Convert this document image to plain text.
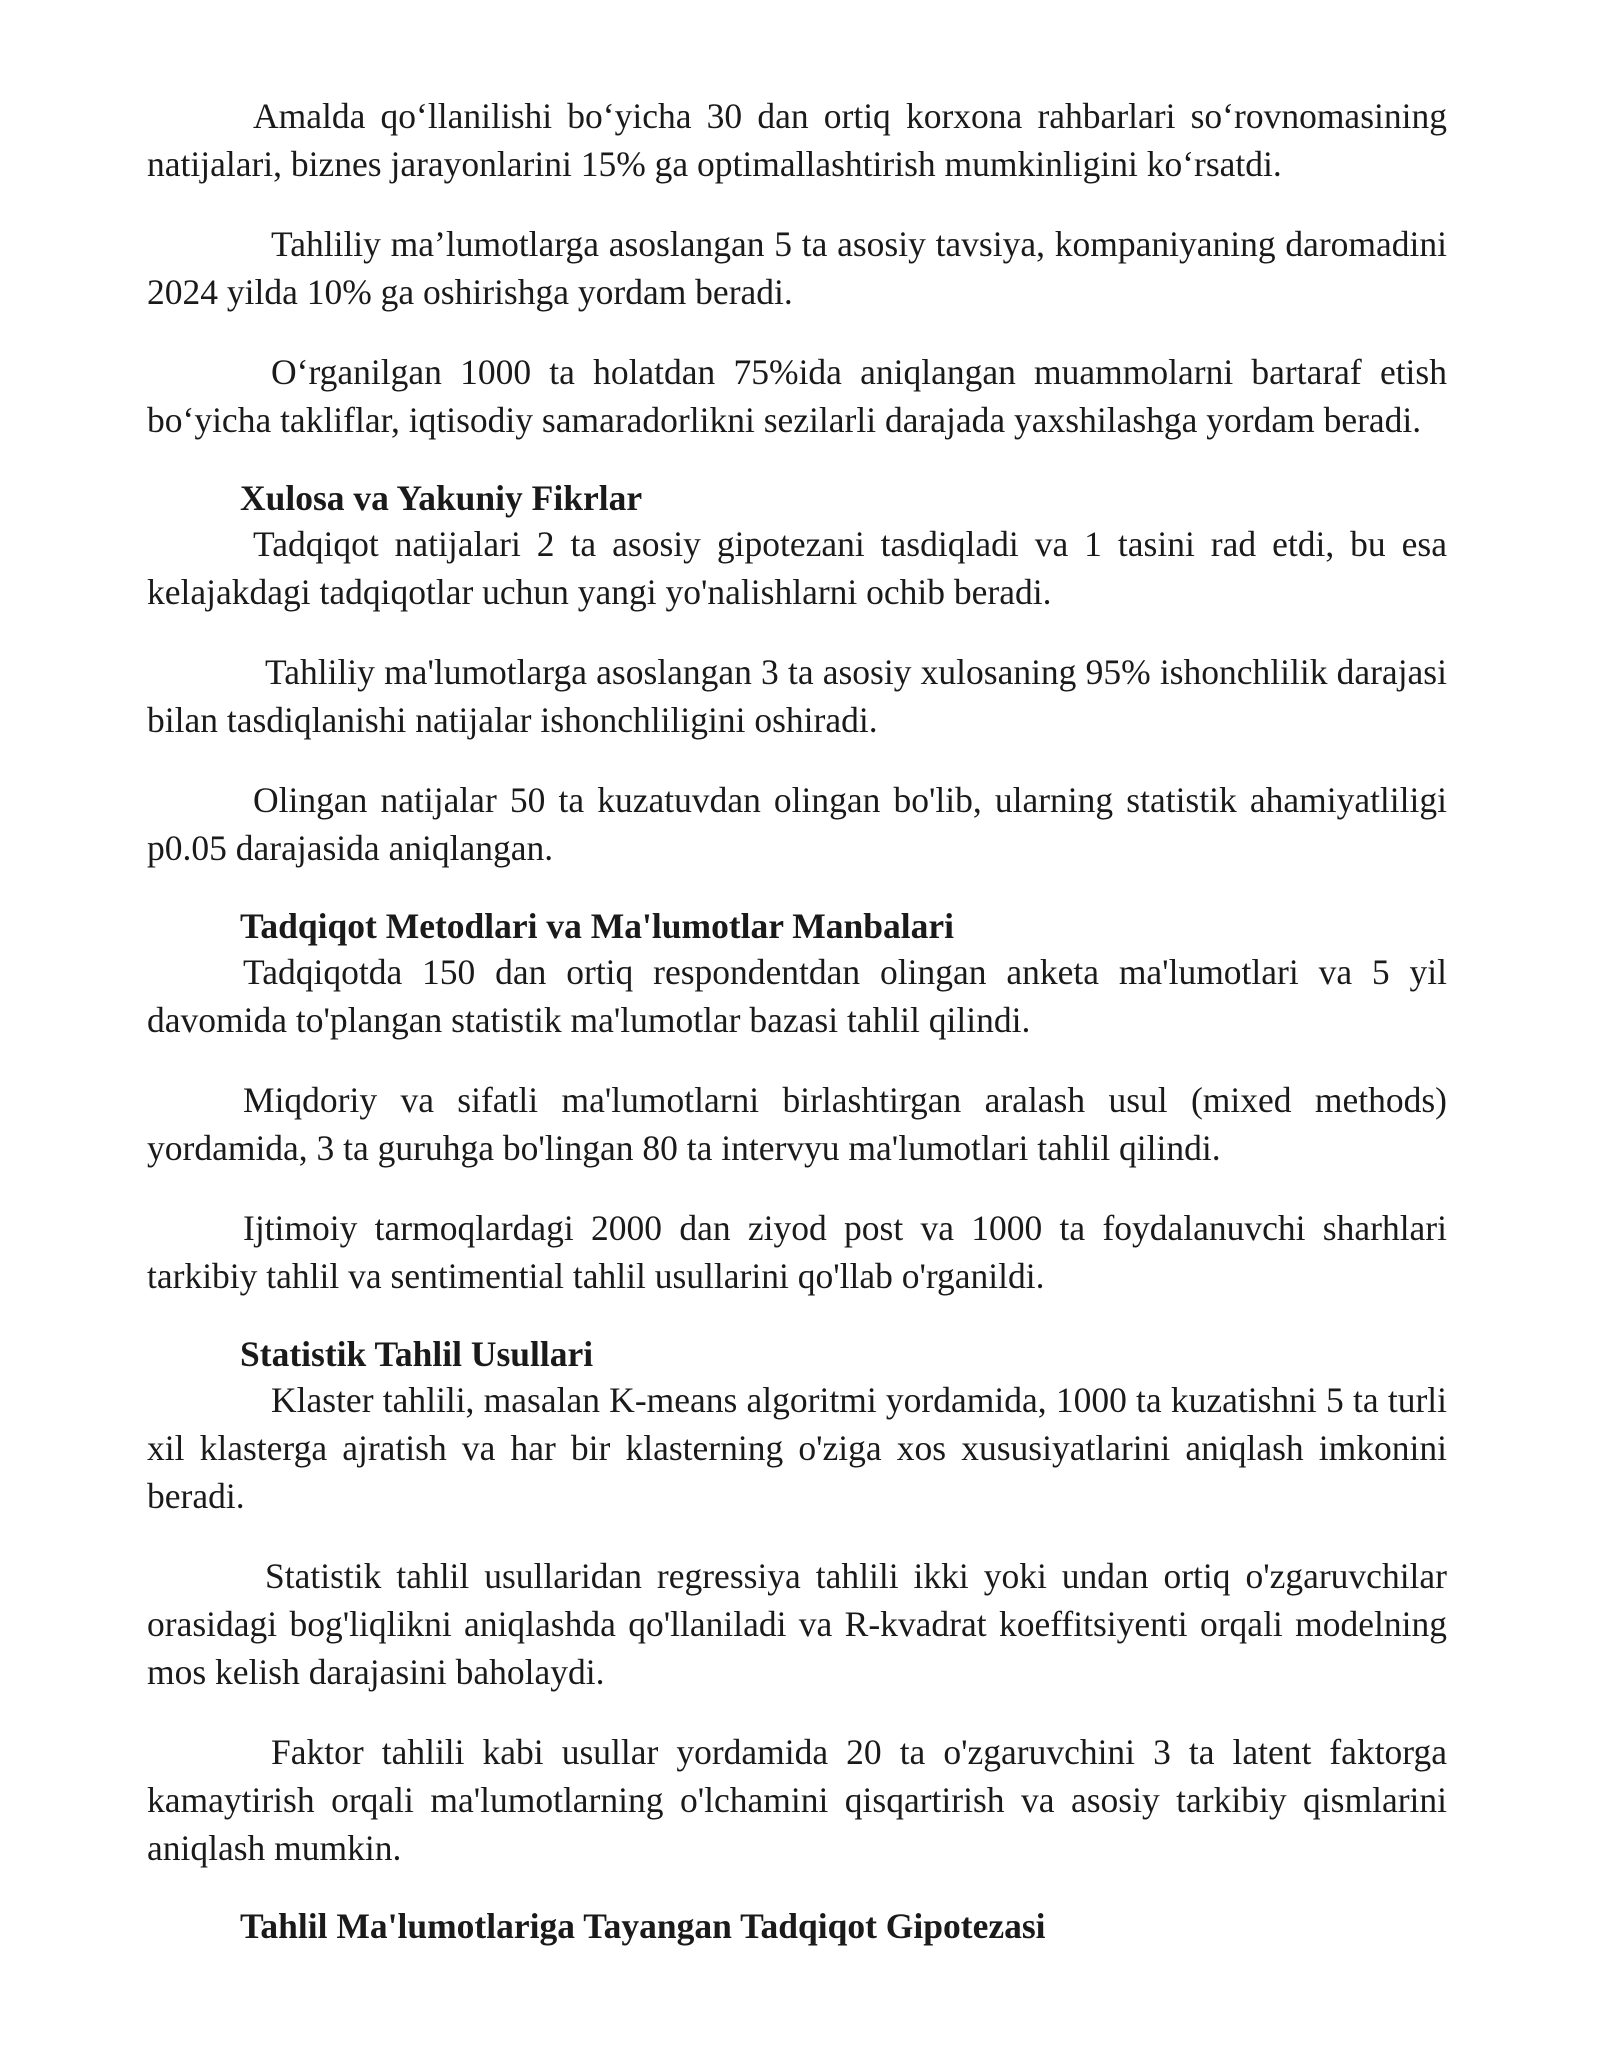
Amalda qo‘llanilishi bo‘yicha 30 dan ortiq korxona rahbarlari so‘rovnomasining natijalari, biznes jarayonlarini 15% ga optimallashtirish mumkinligini ko‘rsatdi.

Tahliliy ma’lumotlarga asoslangan 5 ta asosiy tavsiya, kompaniyaning daromadini 2024 yilda 10% ga oshirishga yordam beradi.

O‘rganilgan 1000 ta holatdan 75%ida aniqlangan muammolarni bartaraf etish bo‘yicha takliflar, iqtisodiy samaradorlikni sezilarli darajada yaxshilashga yordam beradi.

Xulosa va Yakuniy Fikrlar

Tadqiqot natijalari 2 ta asosiy gipotezani tasdiqladi va 1 tasini rad etdi, bu esa kelajakdagi tadqiqotlar uchun yangi yo'nalishlarni ochib beradi.

Tahliliy ma'lumotlarga asoslangan 3 ta asosiy xulosaning 95% ishonchlilik darajasi bilan tasdiqlanishi natijalar ishonchliligini oshiradi.

Olingan natijalar 50 ta kuzatuvdan olingan bo'lib, ularning statistik ahamiyatliligi p0.05 darajasida aniqlangan.

Tadqiqot Metodlari va Ma'lumotlar Manbalari

Tadqiqotda 150 dan ortiq respondentdan olingan anketa ma'lumotlari va 5 yil davomida to'plangan statistik ma'lumotlar bazasi tahlil qilindi.

Miqdoriy va sifatli ma'lumotlarni birlashtirgan aralash usul (mixed methods) yordamida, 3 ta guruhga bo'lingan 80 ta intervyu ma'lumotlari tahlil qilindi.

Ijtimoiy tarmoqlardagi 2000 dan ziyod post va 1000 ta foydalanuvchi sharhlari tarkibiy tahlil va sentimential tahlil usullarini qo'llab o'rganildi.

Statistik Tahlil Usullari

Klaster tahlili, masalan K-means algoritmi yordamida, 1000 ta kuzatishni 5 ta turli xil klasterga ajratish va har bir klasterning o'ziga xos xususiyatlarini aniqlash imkonini beradi.

Statistik tahlil usullaridan regressiya tahlili ikki yoki undan ortiq o'zgaruvchilar orasidagi bog'liqlikni aniqlashda qo'llaniladi va R-kvadrat koeffitsiyenti orqali modelning mos kelish darajasini baholaydi.

Faktor tahlili kabi usullar yordamida 20 ta o'zgaruvchini 3 ta latent faktorga kamaytirish orqali ma'lumotlarning o'lchamini qisqartirish va asosiy tarkibiy qismlarini aniqlash mumkin.

Tahlil Ma'lumotlariga Tayangan Tadqiqot Gipotezasi
